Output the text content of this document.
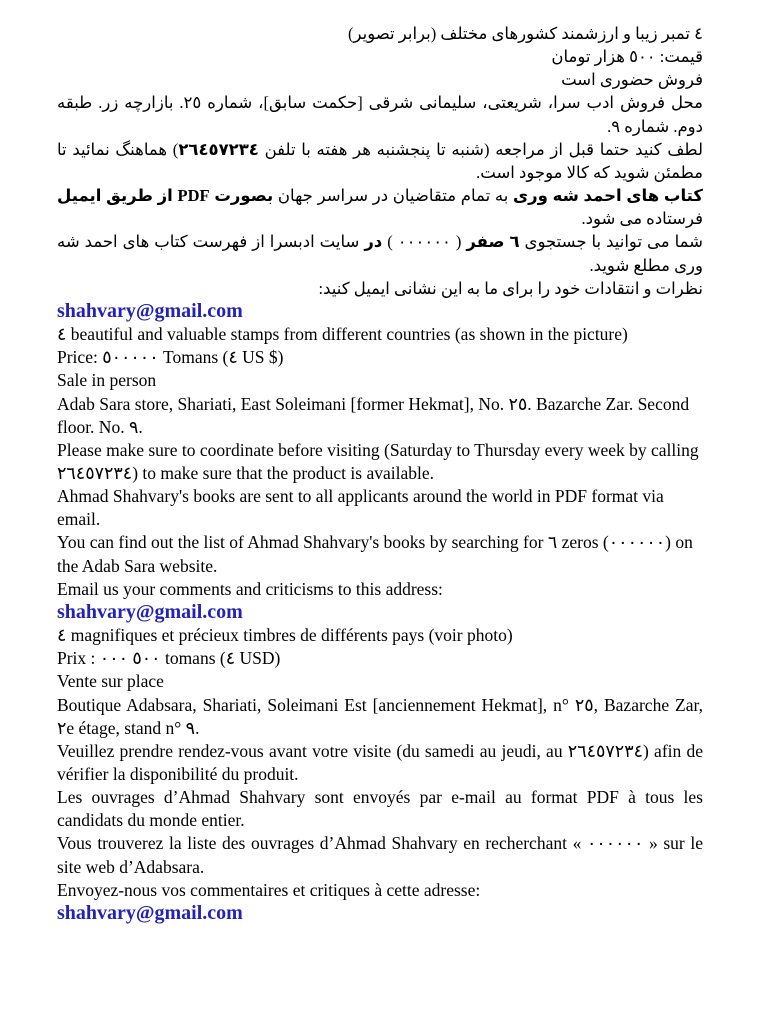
٤ تمبر زیبا و ارزشمند کشورهای مختلف (برابر تصویر)

قیمت: ٥٠٠ هزار تومان

فروش حضوری است

محل فروش ادب سرا، شریعتی، سلیمانی شرقی [حکمت سابق]، شماره ٢٥. بازارچه زر. طبقه دوم. شماره ٩.

لطف کنید حتما قبل از مراجعه (شنبه تا پنجشنبه هر هفته با تلفن ٢٦٤٥٧٢٣٤) هماهنگ نمائید تا مطمئن شوید که کالا موجود است.

کتاب های احمد شه وری به تمام متقاضیان در سراسر جهان بصورت PDF از طریق ایمیل فرستاده می شود.

شما می توانید با جستجوی ٦ صفر ( ٠٠٠٠٠٠ ) در سایت ادبسرا از فهرست کتاب های احمد شه وری مطلع شوید.

نظرات و انتقادات خود را برای ما به این نشانی ایمیل کنید:

shahvary@gmail.com

٤ beautiful and valuable stamps from different countries (as shown in the picture)

Price: ٥٠٠٠٠٠ Tomans (٤ US $)

Sale in person

Adab Sara store, Shariati, East Soleimani [former Hekmat], No. ٢٥. Bazarche Zar. Second floor. No. ٩.

Please make sure to coordinate before visiting (Saturday to Thursday every week by calling ٢٦٤٥٧٢٣٤) to make sure that the product is available.

Ahmad Shahvary's books are sent to all applicants around the world in PDF format via email.

You can find out the list of Ahmad Shahvary's books by searching for ٦ zeros (٠٠٠٠٠٠) on the Adab Sara website.

Email us your comments and criticisms to this address:

shahvary@gmail.com

٤ magnifiques et précieux timbres de différents pays (voir photo)

Prix : ٥٠٠ ٠٠٠ tomans (٤ USD)

Vente sur place

Boutique Adabsara, Shariati, Soleimani Est [anciennement Hekmat], n° ٢٥, Bazarche Zar, ٢e étage, stand n° ٩.

Veuillez prendre rendez-vous avant votre visite (du samedi au jeudi, au ٢٦٤٥٧٢٣٤) afin de vérifier la disponibilité du produit.

Les ouvrages d’Ahmad Shahvary sont envoyés par e-mail au format PDF à tous les candidats du monde entier.

Vous trouverez la liste des ouvrages d’Ahmad Shahvary en recherchant « ٠٠٠٠٠٠ » sur le site web d’Adabsara.

Envoyez-nous vos commentaires et critiques à cette adresse:

shahvary@gmail.com
